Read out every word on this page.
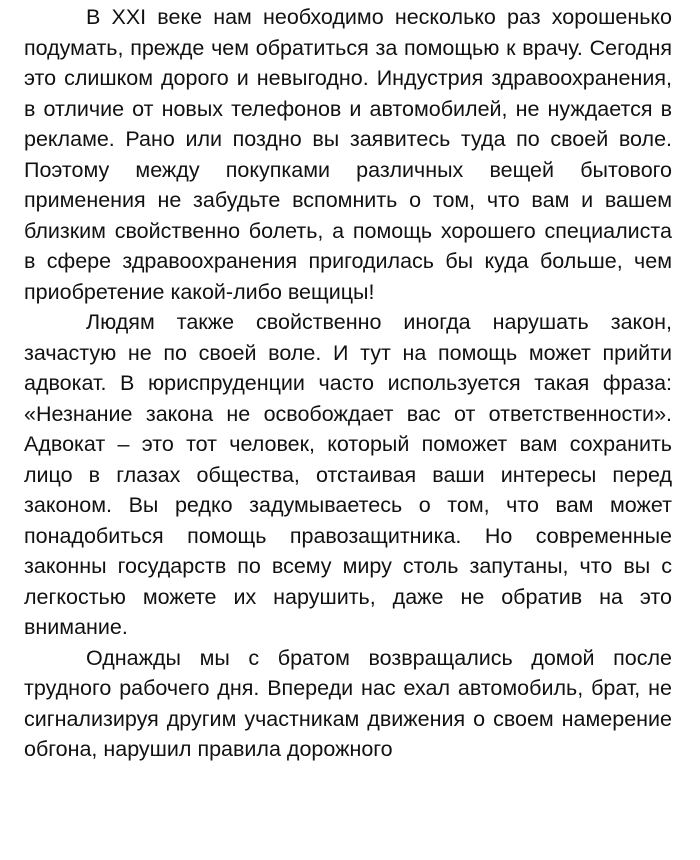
В XXI веке нам необходимо несколько раз хорошенько подумать, прежде чем обратиться за помощью к врачу. Сегодня это слишком дорого и невыгодно. Индустрия здравоохранения, в отличие от новых телефонов и автомобилей, не нуждается в рекламе. Рано или поздно вы заявитесь туда по своей воле. Поэтому между покупками различных вещей бытового применения не забудьте вспомнить о том, что вам и вашем близким свойственно болеть, а помощь хорошего специалиста в сфере здравоохранения пригодилась бы куда больше, чем приобретение какой-либо вещицы!

Людям также свойственно иногда нарушать закон, зачастую не по своей воле. И тут на помощь может прийти адвокат. В юриспруденции часто используется такая фраза: «Незнание закона не освобождает вас от ответственности». Адвокат – это тот человек, который поможет вам сохранить лицо в глазах общества, отстаивая ваши интересы перед законом. Вы редко задумываетесь о том, что вам может понадобиться помощь правозащитника. Но современные законны государств по всему миру столь запутаны, что вы с легкостью можете их нарушить, даже не обратив на это внимание.

Однажды мы с братом возвращались домой после трудного рабочего дня. Впереди нас ехал автомобиль, брат, не сигнализируя другим участникам движения о своем намерение обгона, нарушил правила дорожного
